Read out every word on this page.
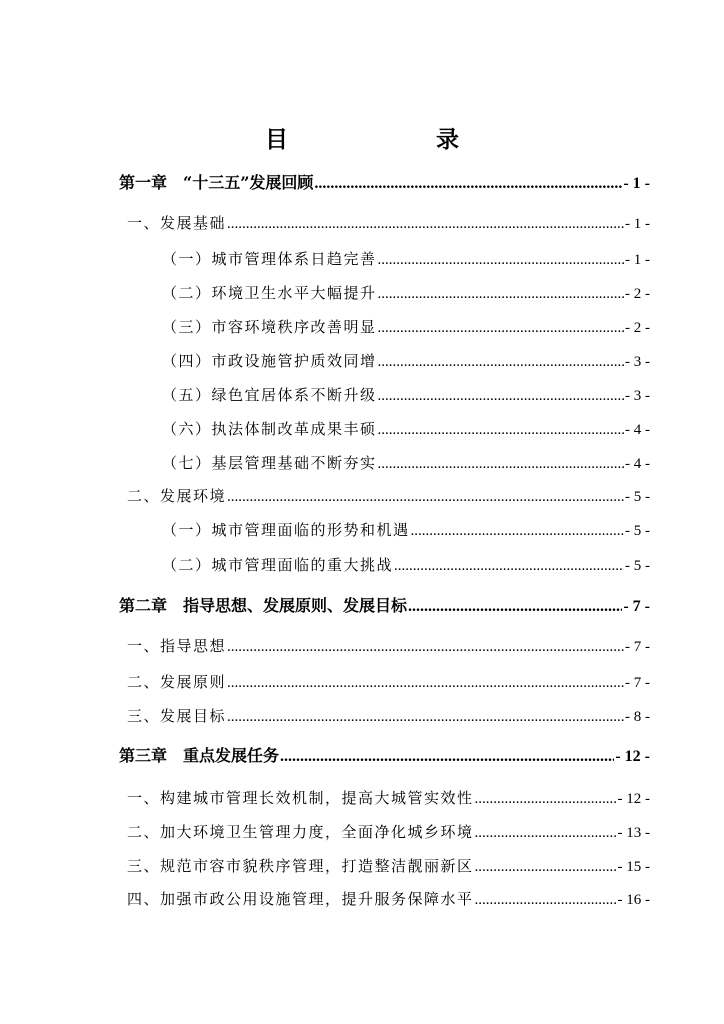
目　　录
第一章　“十三五”发展回顾 .....	- 1 -
一、发展基础 .....	- 1 -
（一）城市管理体系日趋完善 .....	- 1 -
（二）环境卫生水平大幅提升 .....	- 2 -
（三）市容环境秩序改善明显 .....	- 2 -
（四）市政设施管护质效同增 .....	- 3 -
（五）绿色宜居体系不断升级 .....	- 3 -
（六）执法体制改革成果丰硕 .....	- 4 -
（七）基层管理基础不断夯实 .....	- 4 -
二、发展环境 .....	- 5 -
（一）城市管理面临的形势和机遇 .....	- 5 -
（二）城市管理面临的重大挑战 .....	- 5 -
第二章　指导思想、发展原则、发展目标 .....	- 7 -
一、指导思想 .....	- 7 -
二、发展原则 .....	- 7 -
三、发展目标 .....	- 8 -
第三章　重点发展任务 .....	- 12 -
一、构建城市管理长效机制，提高大城管实效性 .....	- 12 -
二、加大环境卫生管理力度，全面净化城乡环境 .....	- 13 -
三、规范市容市貌秩序管理，打造整洁靓丽新区 .....	- 15 -
四、加强市政公用设施管理，提升服务保障水平 .....	- 16 -
